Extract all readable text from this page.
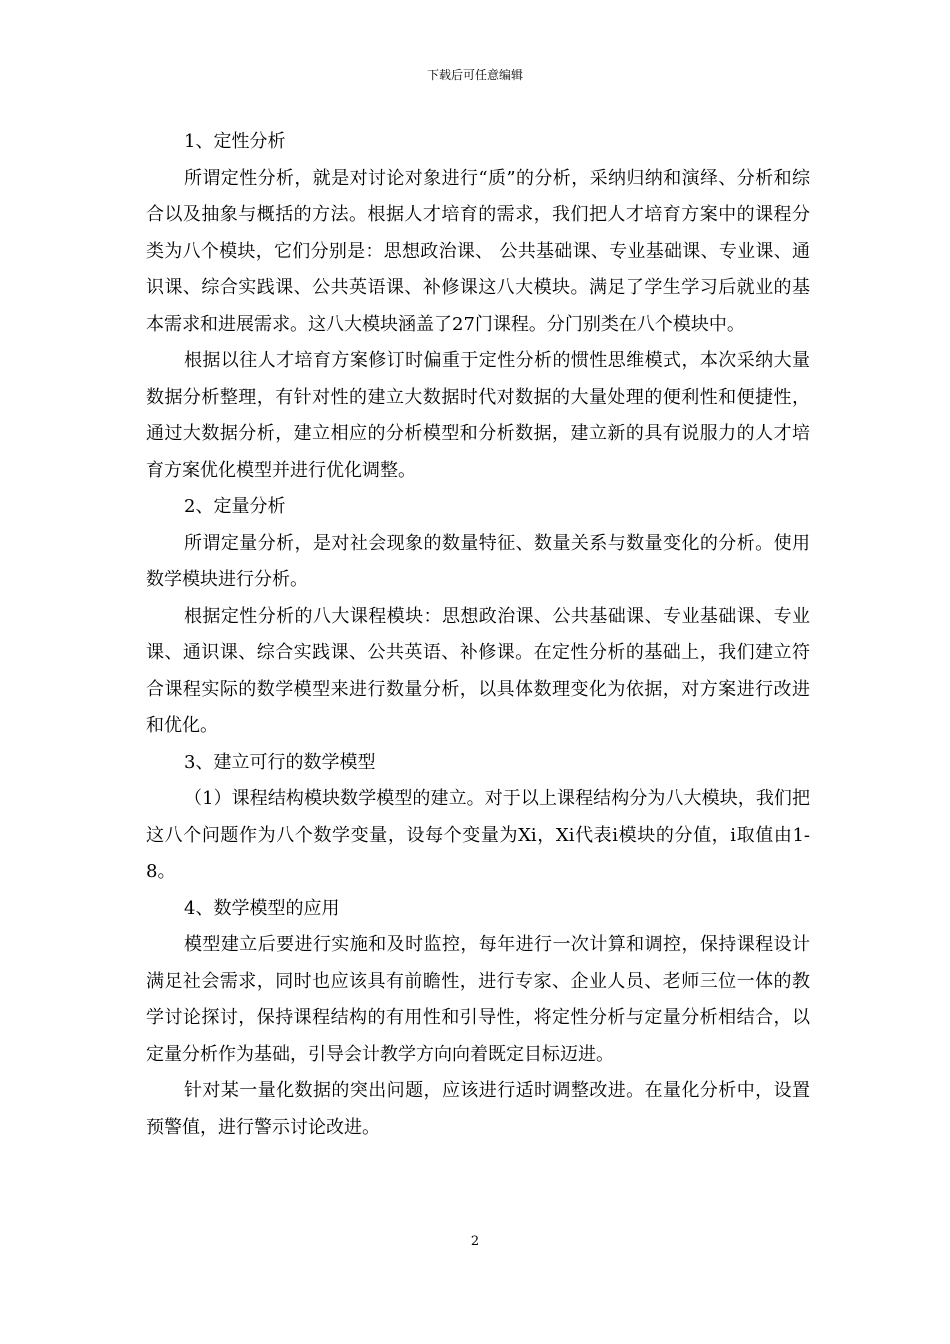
下载后可任意编辑

1、定性分析

所谓定性分析，就是对讨论对象进行“质”的分析，采纳归纳和演绎、分析和综合以及抽象与概括的方法。根据人才培育的需求，我们把人才培育方案中的课程分类为八个模块，它们分别是：思想政治课、 公共基础课、专业基础课、专业课、通识课、综合实践课、公共英语课、补修课这八大模块。满足了学生学习后就业的基本需求和进展需求。这八大模块涵盖了27门课程。分门别类在八个模块中。

根据以往人才培育方案修订时偏重于定性分析的惯性思维模式，本次采纳大量数据分析整理，有针对性的建立大数据时代对数据的大量处理的便利性和便捷性，通过大数据分析，建立相应的分析模型和分析数据，建立新的具有说服力的人才培育方案优化模型并进行优化调整。

2、定量分析

所谓定量分析，是对社会现象的数量特征、数量关系与数量变化的分析。使用数学模块进行分析。

根据定性分析的八大课程模块：思想政治课、公共基础课、专业基础课、专业课、通识课、综合实践课、公共英语、补修课。在定性分析的基础上，我们建立符合课程实际的数学模型来进行数量分析，以具体数理变化为依据，对方案进行改进和优化。

3、建立可行的数学模型

（1）课程结构模块数学模型的建立。对于以上课程结构分为八大模块，我们把这八个问题作为八个数学变量，设每个变量为Xi，Xi代表i模块的分值，i取值由1-8。

4、数学模型的应用

模型建立后要进行实施和及时监控，每年进行一次计算和调控，保持课程设计满足社会需求，同时也应该具有前瞻性，进行专家、企业人员、老师三位一体的教学讨论探讨，保持课程结构的有用性和引导性，将定性分析与定量分析相结合，以定量分析作为基础，引导会计教学方向向着既定目标迈进。

针对某一量化数据的突出问题，应该进行适时调整改进。在量化分析中，设置预警值，进行警示讨论改进。

2
